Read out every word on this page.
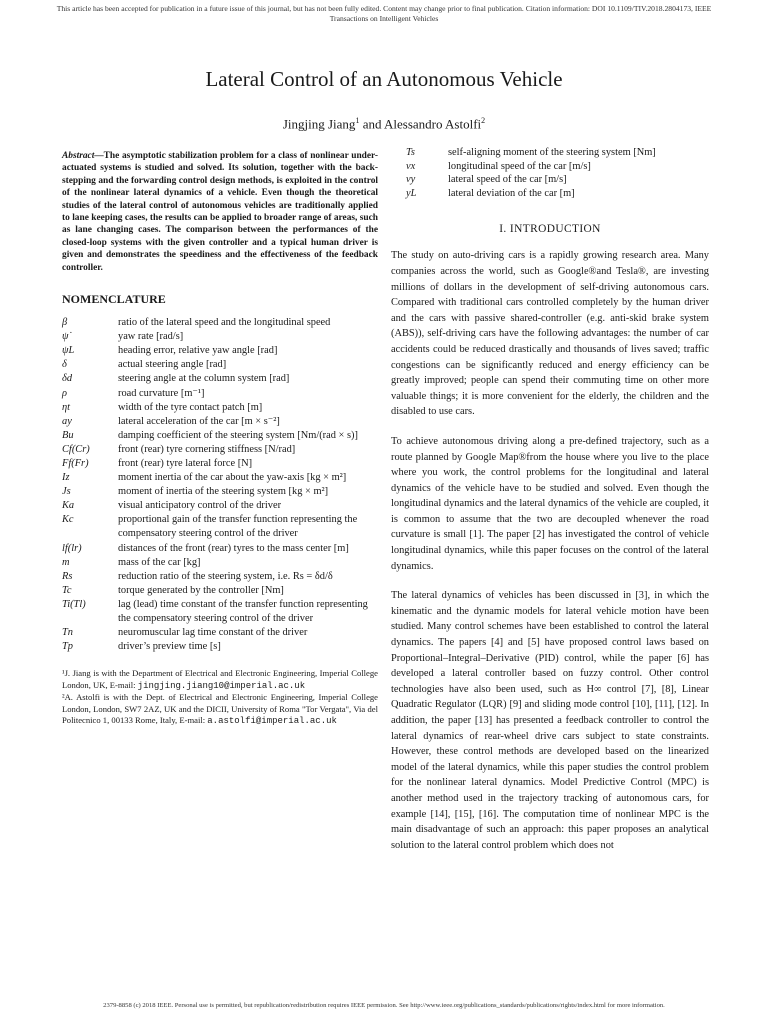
This article has been accepted for publication in a future issue of this journal, but has not been fully edited. Content may change prior to final publication. Citation information: DOI 10.1109/TIV.2018.2804173, IEEE
Transactions on Intelligent Vehicles
Lateral Control of an Autonomous Vehicle
Jingjing Jiang$^1$ and Alessandro Astolfi$^2$

Abstract—The asymptotic stabilization problem for a class of nonlinear under-actuated systems is studied and solved. Its solution, together with the back-stepping and the forwarding control design methods, is exploited in the control of the nonlinear lateral dynamics of a vehicle. Even though the theoretical studies of the lateral control of autonomous vehicles are traditionally applied to lane keeping cases, the results can be applied to broader range of areas, such as lane changing cases. The comparison between the performances of the closed-loop systems with the given controller and a typical human driver is given and demonstrates the speediness and the effectiveness of the feedback controller.

NOMENCLATURE
β	ratio of the lateral speed and the longitudinal speed
ψ̇	yaw rate [rad/s]
ψL	heading error, relative yaw angle [rad]
δ	actual steering angle [rad]
δd	steering angle at the column system [rad]
ρ	road curvature [m⁻¹]
ηt	width of the tyre contact patch [m]
ay	lateral acceleration of the car [m × s⁻²]
Bu	damping coefficient of the steering system [Nm/(rad × s)]
Cf(Cr)	front (rear) tyre cornering stiffness [N/rad]
Ff(Fr)	front (rear) tyre lateral force [N]
Iz	moment inertia of the car about the yaw-axis [kg × m²]
Js	moment of inertia of the steering system [kg × m²]
Ka	visual anticipatory control of the driver
Kc	proportional gain of the transfer function representing the compensatory steering control of the driver
lf(lr)	distances of the front (rear) tyres to the mass center [m]
m	mass of the car [kg]
Rs	reduction ratio of the steering system, i.e. Rs = δd/δ
Tc	torque generated by the controller [Nm]
Ti(Tl)	lag (lead) time constant of the transfer function representing the compensatory steering control of the driver
Tn	neuromuscular lag time constant of the driver
Tp	driver’s preview time [s]

¹J. Jiang is with the Department of Electrical and Electronic Engineering, Imperial College London, UK, E-mail: jingjing.jiang10@imperial.ac.uk

²A. Astolfi is with the Dept. of Electrical and Electronic Engineering, Imperial College London, London, SW7 2AZ, UK and the DICII, University of Roma "Tor Vergata", Via del Politecnico 1, 00133 Rome, Italy, E-mail: a.astolfi@imperial.ac.uk

Ts	self-aligning moment of the steering system [Nm]
vx	longitudinal speed of the car [m/s]
vy	lateral speed of the car [m/s]
yL	lateral deviation of the car [m]
I. INTRODUCTION

The study on auto-driving cars is a rapidly growing research area. Many companies across the world, such as Google®and Tesla®, are investing millions of dollars in the development of self-driving autonomous cars. Compared with traditional cars controlled completely by the human driver and the cars with passive shared-controller (e.g. anti-skid brake system (ABS)), self-driving cars have the following advantages: the number of car accidents could be reduced drastically and thousands of lives saved; traffic congestions can be significantly reduced and energy efficiency can be greatly improved; people can spend their commuting time on other more valuable things; it is more convenient for the elderly, the children and the disabled to use cars.

To achieve autonomous driving along a pre-defined trajectory, such as a route planned by Google Map®from the house where you live to the place where you work, the control problems for the longitudinal and lateral dynamics of the vehicle have to be studied and solved. Even though the longitudinal dynamics and the lateral dynamics of the vehicle are coupled, it is common to assume that the two are decoupled whenever the road curvature is small [1]. The paper [2] has investigated the control of vehicle longitudinal dynamics, while this paper focuses on the control of the lateral dynamics.

The lateral dynamics of vehicles has been discussed in [3], in which the kinematic and the dynamic models for lateral vehicle motion have been studied. Many control schemes have been established to control the lateral dynamics. The papers [4] and [5] have proposed control laws based on Proportional–Integral–Derivative (PID) control, while the paper [6] has developed a lateral controller based on fuzzy control. Other control technologies have also been used, such as H∞ control [7], [8], Linear Quadratic Regulator (LQR) [9] and sliding mode control [10], [11], [12]. In addition, the paper [13] has presented a feedback controller to control the lateral dynamics of rear-wheel drive cars subject to state constraints. However, these control methods are developed based on the linearized model of the lateral dynamics, while this paper studies the control problem for the nonlinear lateral dynamics. Model Predictive Control (MPC) is another method used in the trajectory tracking of autonomous cars, for example [14], [15], [16]. The computation time of nonlinear MPC is the main disadvantage of such an approach: this paper proposes an analytical solution to the lateral control problem which does not

2379-8858 (c) 2018 IEEE. Personal use is permitted, but republication/redistribution requires IEEE permission. See http://www.ieee.org/publications_standards/publications/rights/index.html for more information.
